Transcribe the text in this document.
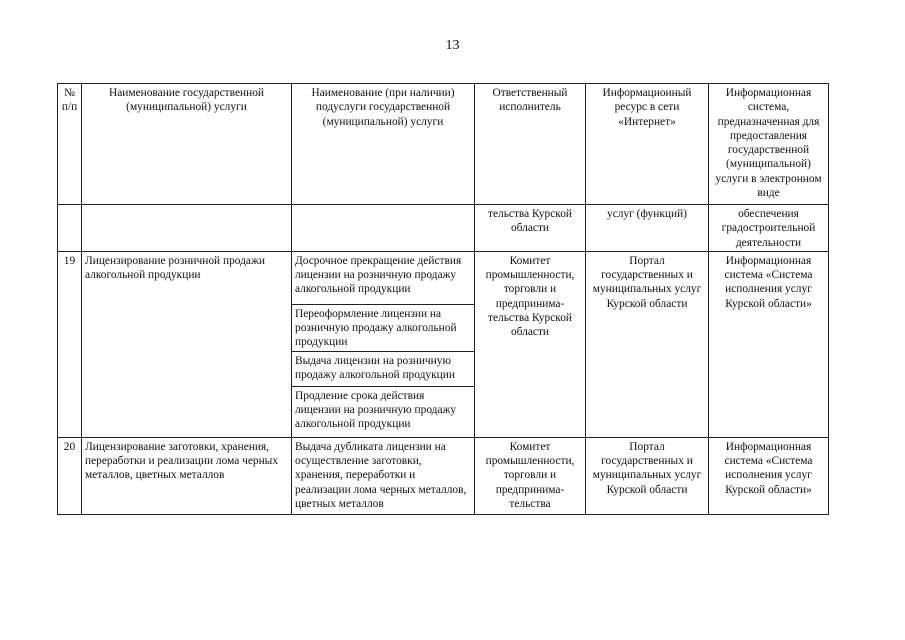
13
№ п/п	Наименование государственной (муниципальной) услуги	Наименование (при наличии) подуслуги государственной (муниципальной) услуги	Ответственный исполнитель	Информациоиный ресурс в сети «Интернет»	Информационная система, предназначенная для предоставления государственной (муниципальной) услуги в электронном виде
			тельства Курской области	услуг (функций)	обеспечения градостроительной деятельности
19	Лицензирование розничной продажи алкогольной продукции	Досрочное прекращение действия лицензии на розничную продажу алкогольной продукции	Комитет промышленности, торговли и предпринима-тельства Курской области	Портал государственных и муниципальных услуг Курской области	Информационная система «Система исполнения услуг Курской области»
		Переоформление лицензии на розничную продажу алкогольной продукции			
		Выдача лицензии на розничную продажу алкогольной продукции			
		Продление срока действия лицензии на розничную продажу алкогольной продукции			
20	Лицензирование заготовки, хранения, переработки и реализации лома черных металлов, цветных металлов	Выдача дубликата лицензии на осуществление заготовки, хранения, переработки и реализации лома черных металлов, цветных металлов	Комитет промышленности, торговли и предпринима-тельства	Портал государственных и муниципальных услуг Курской области	Информационная система «Система исполнения услуг Курской области»
